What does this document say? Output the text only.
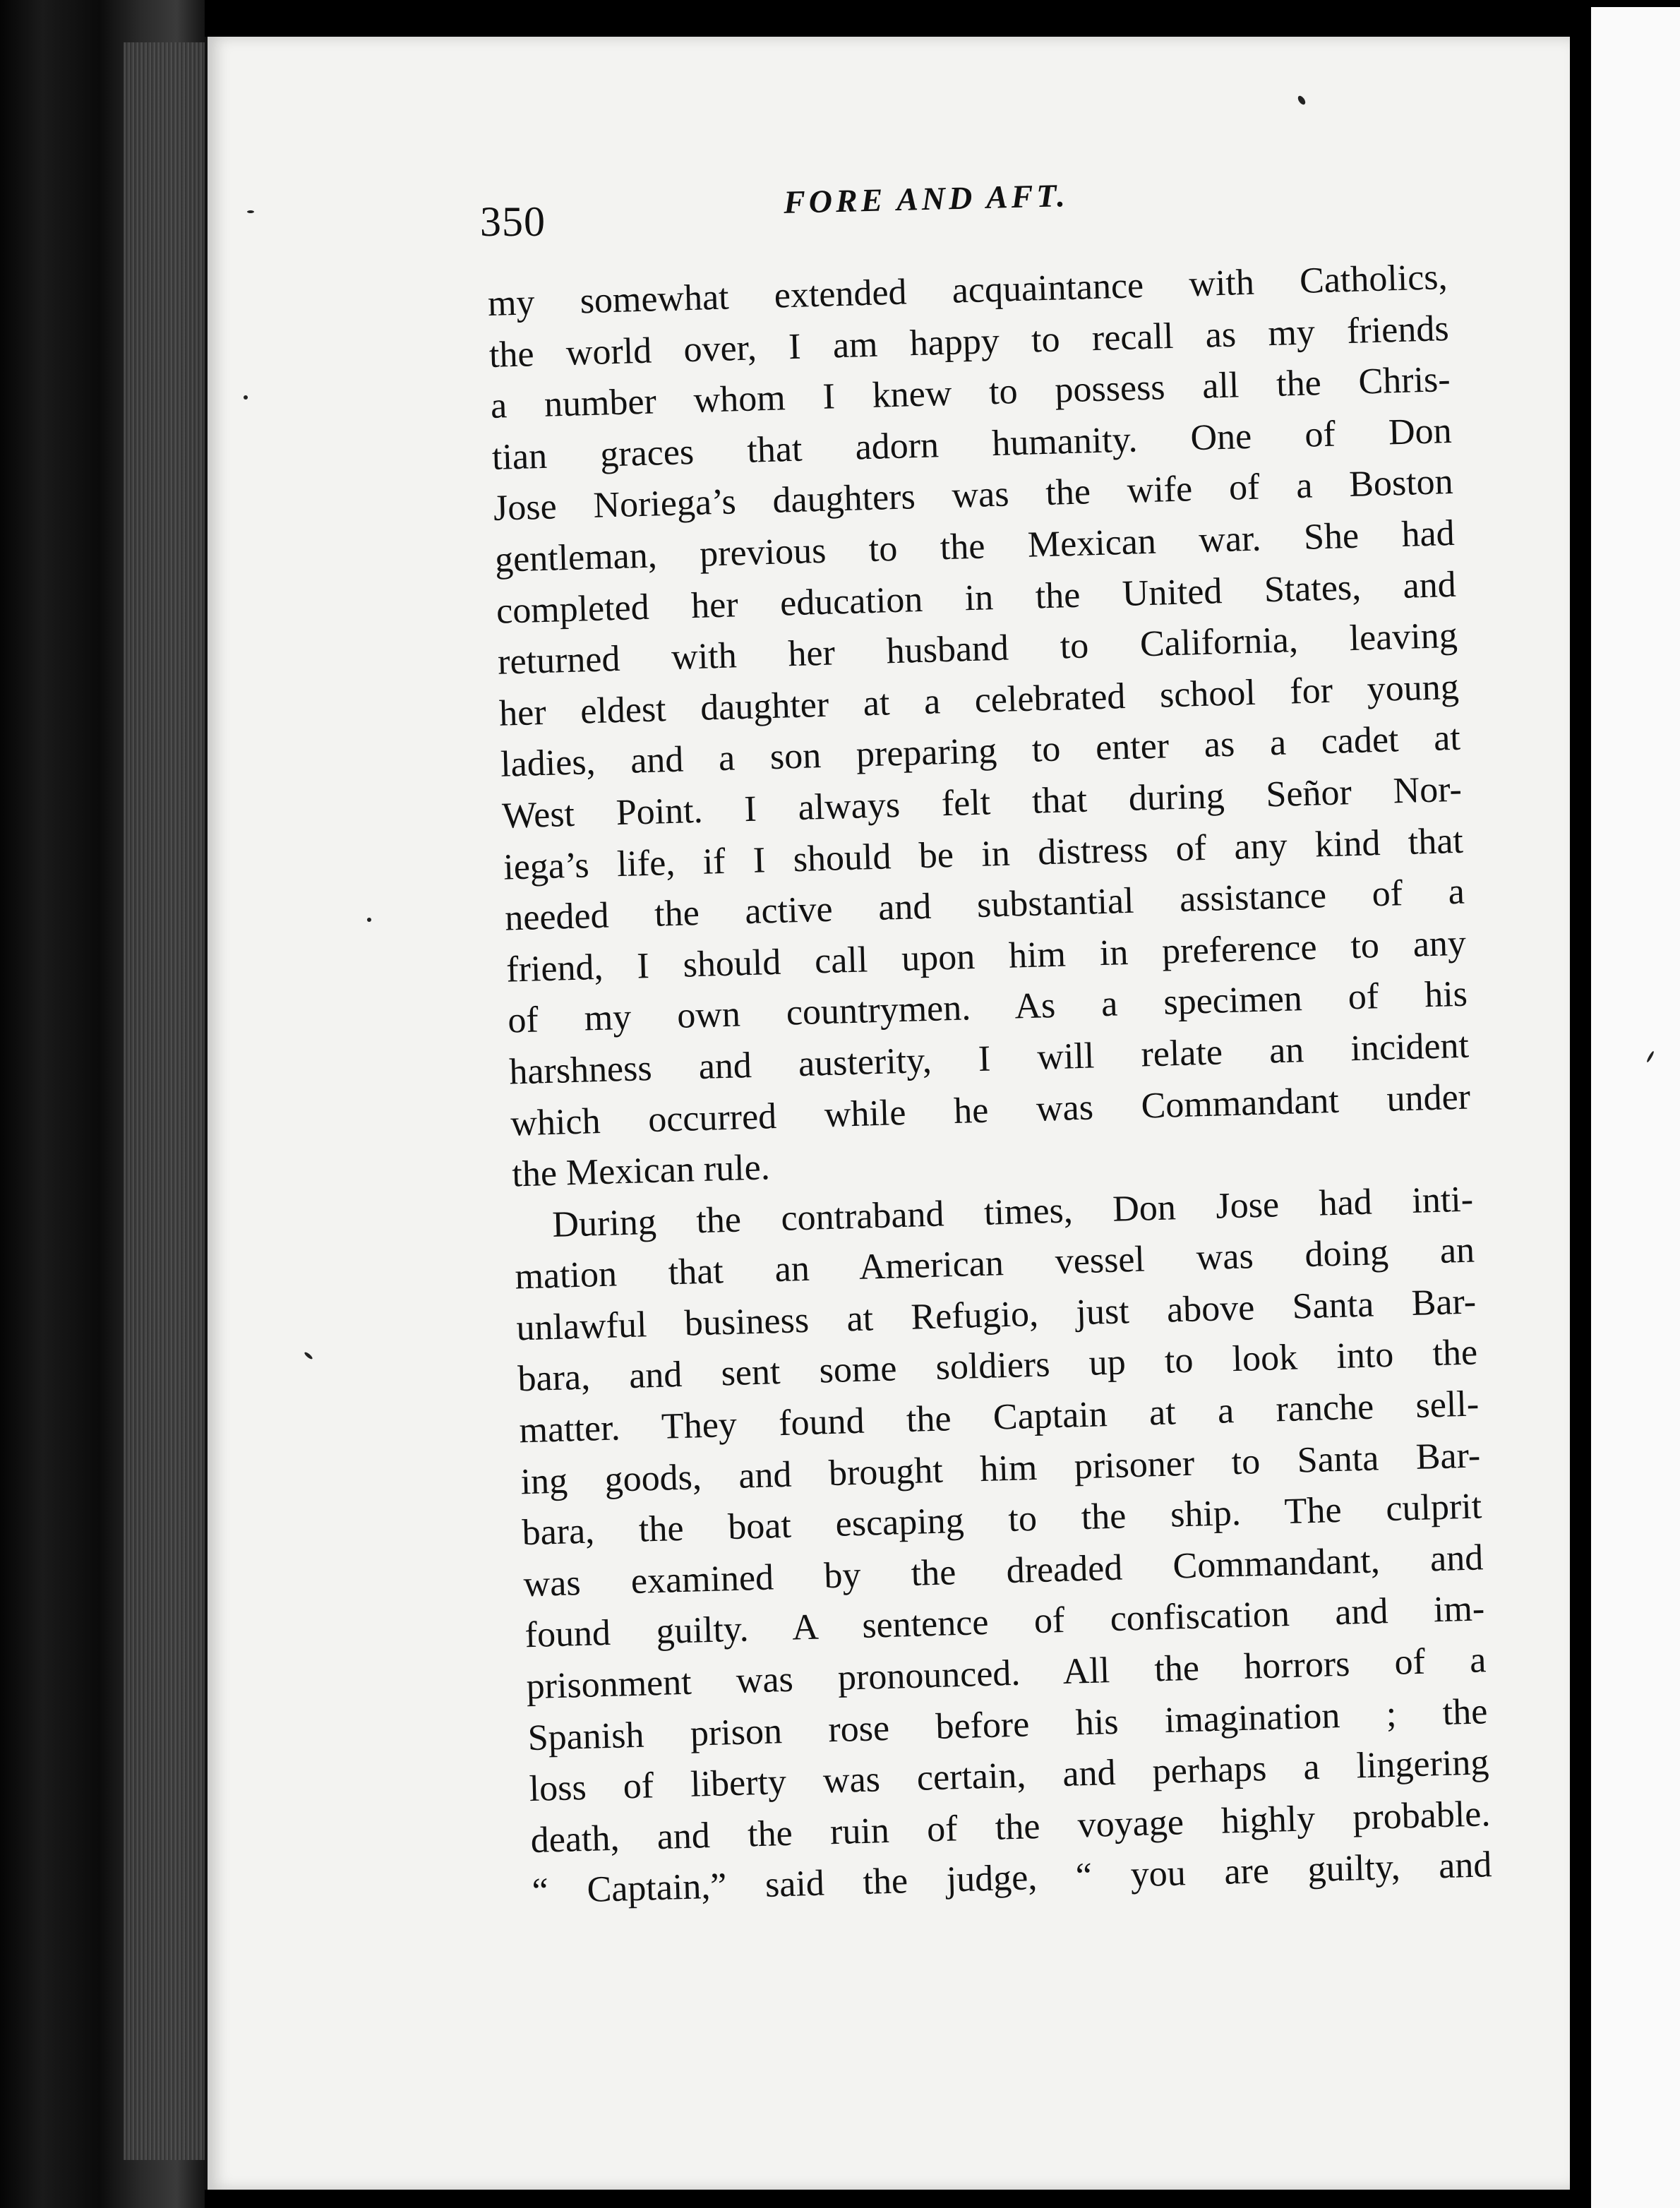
350	FORE AND AFT.
my somewhat extended acquaintance with Catholics,
the world over, I am happy to recall as my friends
a number whom I knew to possess all the Chris-
tian graces that adorn humanity. One of Don
Jose Noriega’s daughters was the wife of a Boston
gentleman, previous to the Mexican war. She had
completed her education in the United States, and
returned with her husband to California, leaving
her eldest daughter at a celebrated school for young
ladies, and a son preparing to enter as a cadet at
West Point. I always felt that during Señor Nor-
iega’s life, if I should be in distress of any kind that
needed the active and substantial assistance of a
friend, I should call upon him in preference to any
of my own countrymen. As a specimen of his
harshness and austerity, I will relate an incident
which occurred while he was Commandant under
the Mexican rule.
During the contraband times, Don Jose had inti-
mation that an American vessel was doing an
unlawful business at Refugio, just above Santa Bar-
bara, and sent some soldiers up to look into the
matter. They found the Captain at a ranche sell-
ing goods, and brought him prisoner to Santa Bar-
bara, the boat escaping to the ship. The culprit
was examined by the dreaded Commandant, and
found guilty. A sentence of confiscation and im-
prisonment was pronounced. All the horrors of a
Spanish prison rose before his imagination ; the
loss of liberty was certain, and perhaps a lingering
death, and the ruin of the voyage highly probable.
“ Captain,” said the judge, “ you are guilty, and
